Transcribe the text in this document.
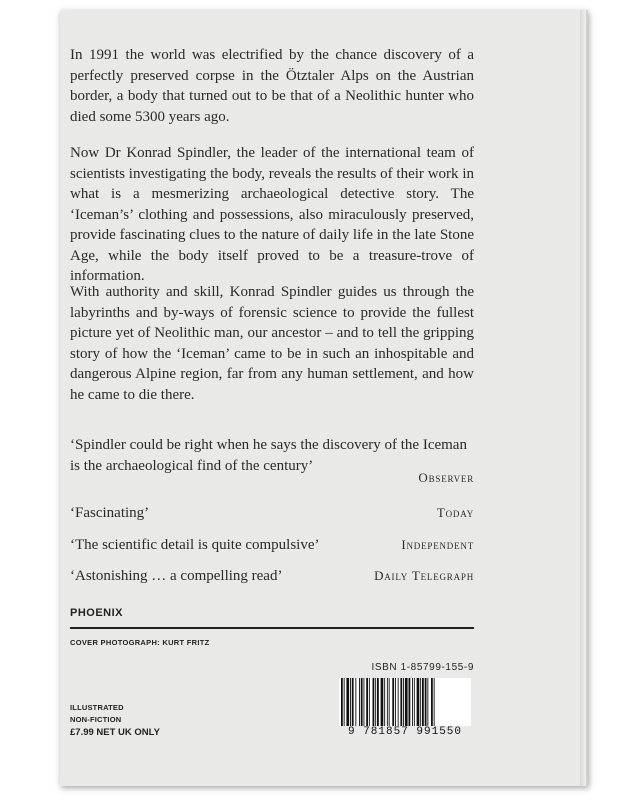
In 1991 the world was electrified by the chance discovery of a perfectly preserved corpse in the Ötztaler Alps on the Austrian border, a body that turned out to be that of a Neolithic hunter who died some 5300 years ago.

Now Dr Konrad Spindler, the leader of the international team of scientists investigating the body, reveals the results of their work in what is a mesmerizing archaeological detective story. The ‘Iceman’s’ clothing and possessions, also miraculously preserved, provide fascinating clues to the nature of daily life in the late Stone Age, while the body itself proved to be a treasure-trove of information.

With authority and skill, Konrad Spindler guides us through the labyrinths and by-ways of forensic science to provide the fullest picture yet of Neolithic man, our ancestor – and to tell the gripping story of how the ‘Iceman’ came to be in such an inhospitable and dangerous Alpine region, far from any human settlement, and how he came to die there.

‘Spindler could be right when he says the discovery of the Iceman is the archaeological find of the century’
Observer
‘Fascinating’	Today
‘The scientific detail is quite compulsive’	Independent
‘Astonishing … a compelling read’	Daily Telegraph
PHOENIX
COVER PHOTOGRAPH: KURT FRITZ
ISBN 1-85799-155-9
9 781857 991550
ILLUSTRATED
NON-FICTION
£7.99 NET UK ONLY
